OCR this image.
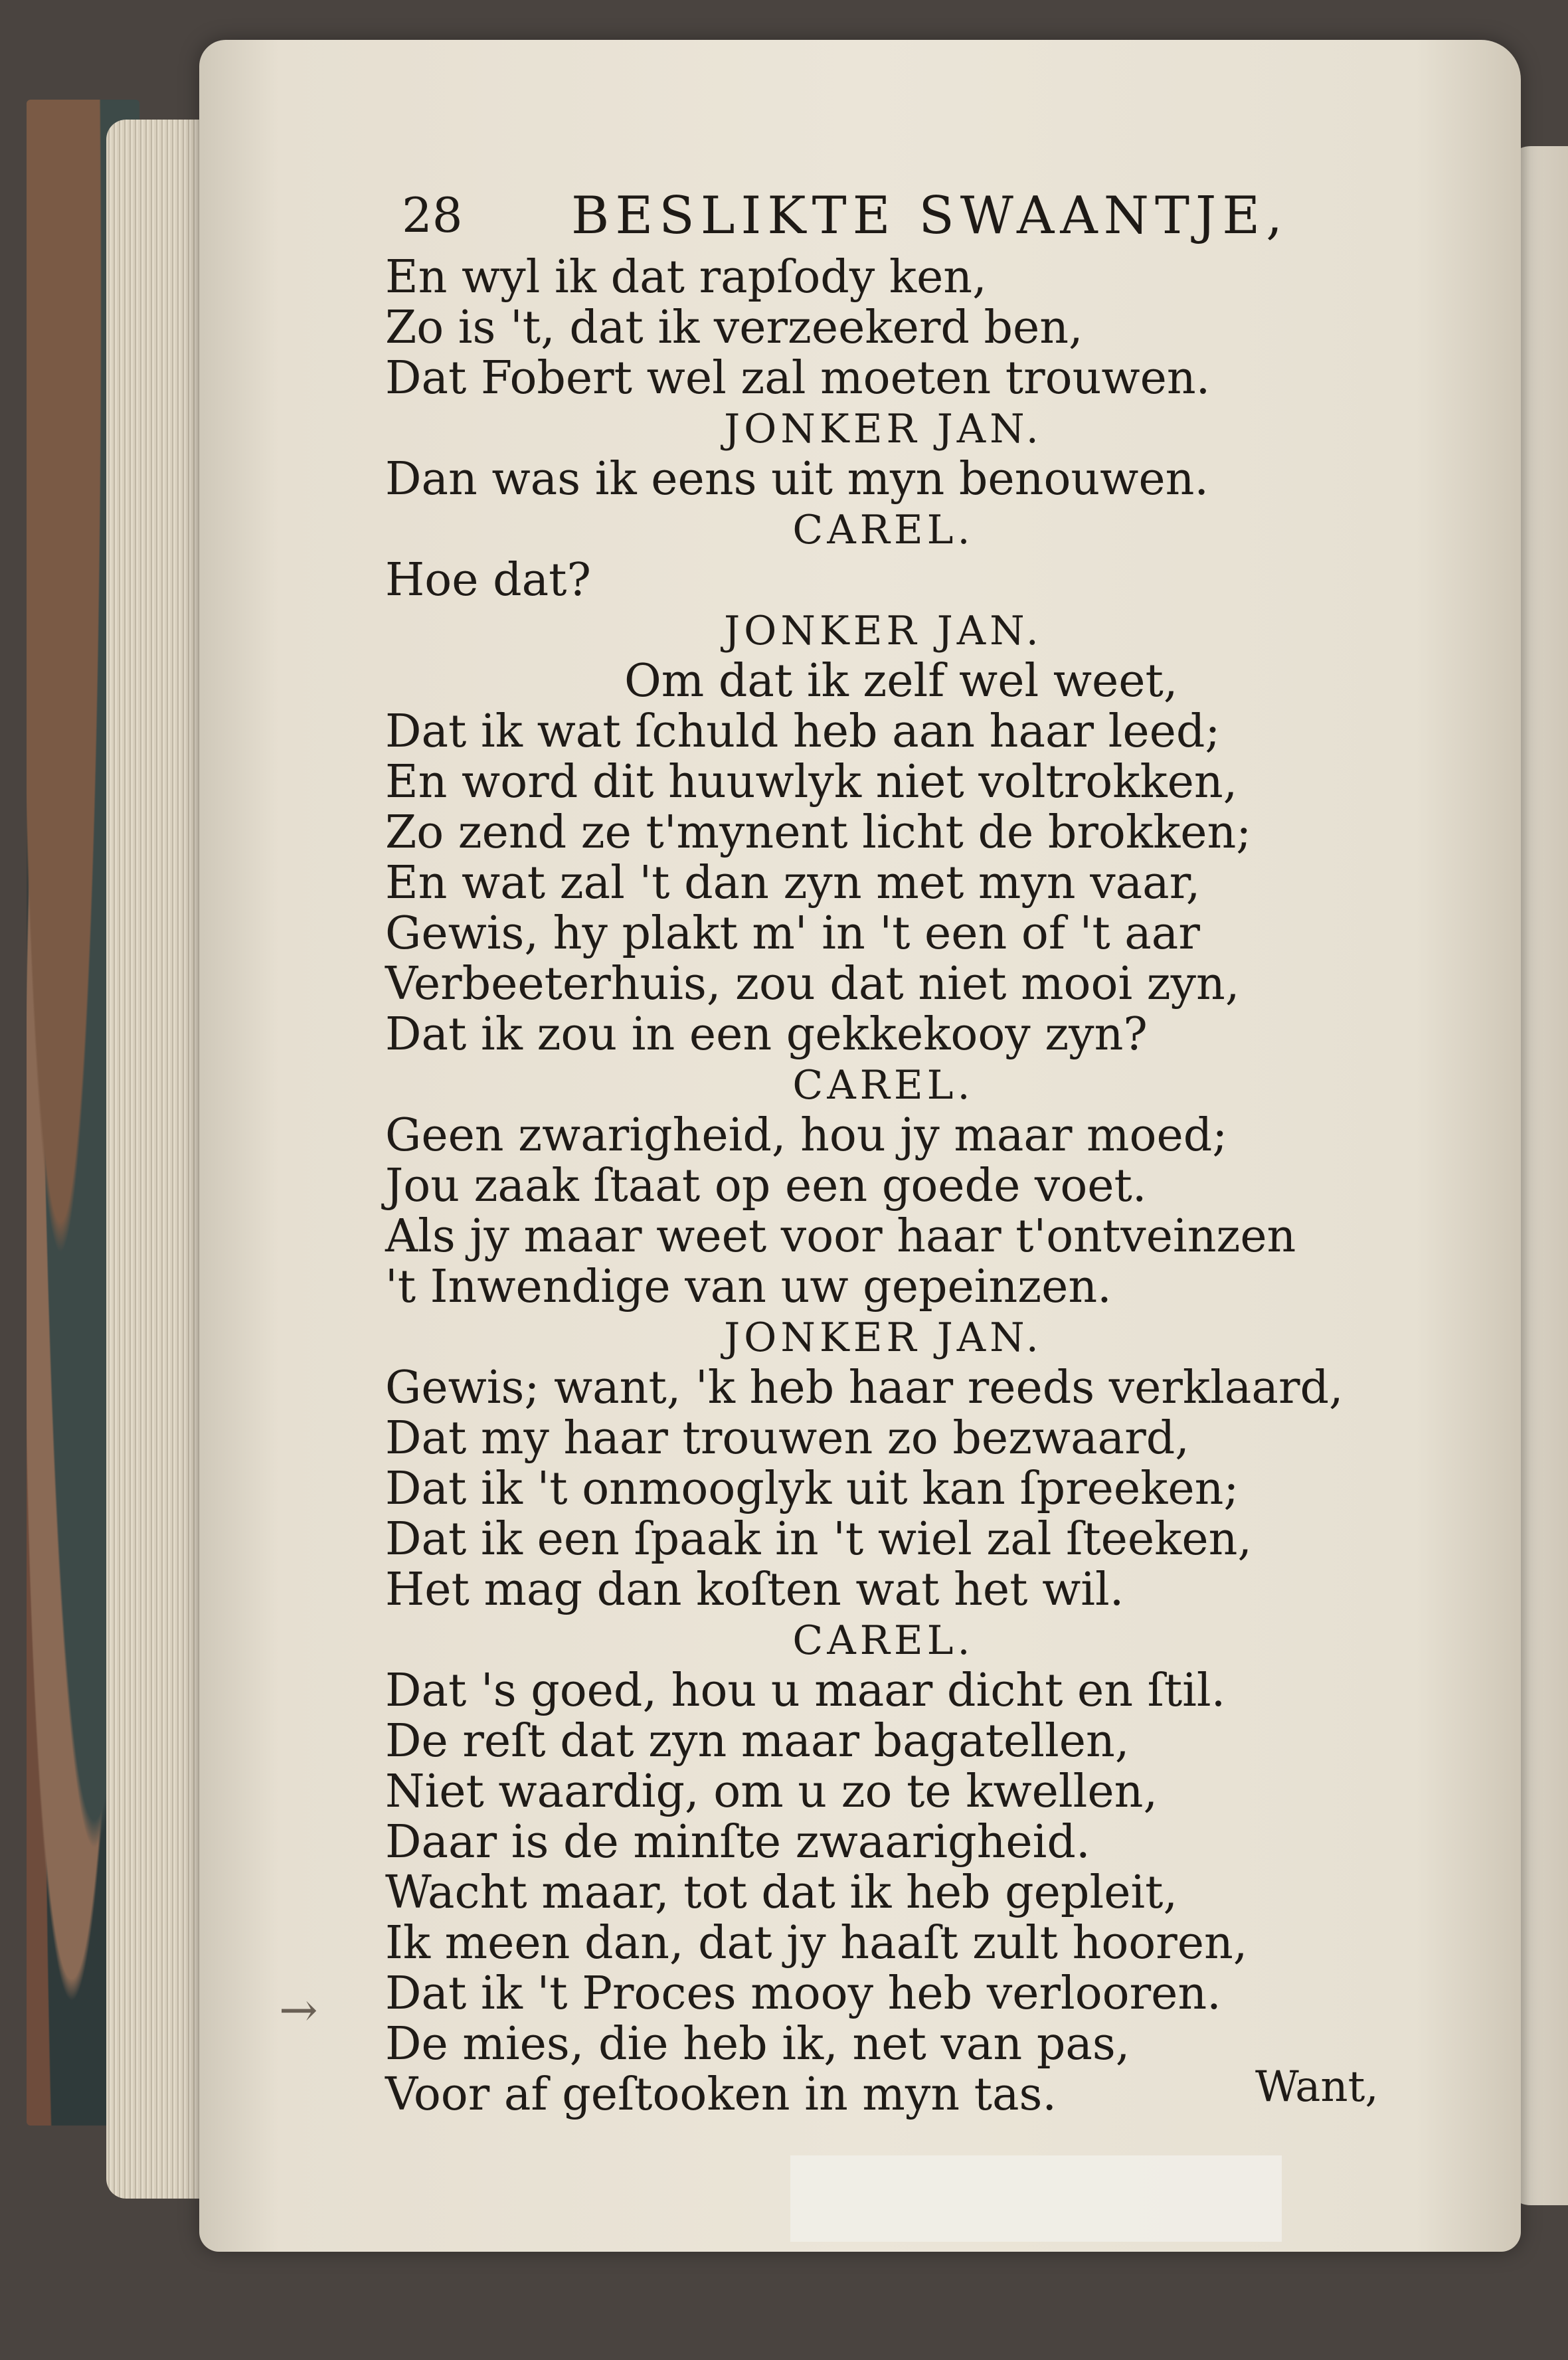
28 BESLIKTE SWAANTJE,
En wyl ik dat rapſody ken,
Zo is 't, dat ik verzeekerd ben,
Dat Fobert wel zal moeten trouwen.
JONKER JAN.
Dan was ik eens uit myn benouwen.
CAREL.
Hoe dat?
JONKER JAN.
Om dat ik zelf wel weet,
Dat ik wat ſchuld heb aan haar leed;
En word dit huuwlyk niet voltrokken,
Zo zend ze t'mynent licht de brokken;
En wat zal 't dan zyn met myn vaar,
Gewis, hy plakt m' in 't een of 't aar
Verbeeterhuis, zou dat niet mooi zyn,
Dat ik zou in een gekkekooy zyn?
CAREL.
Geen zwarigheid, hou jy maar moed;
Jou zaak ſtaat op een goede voet.
Als jy maar weet voor haar t'ontveinzen
't Inwendige van uw gepeinzen.
JONKER JAN.
Gewis; want, 'k heb haar reeds verklaard,
Dat my haar trouwen zo bezwaard,
Dat ik 't onmooglyk uit kan ſpreeken;
Dat ik een ſpaak in 't wiel zal ſteeken,
Het mag dan koſten wat het wil.
CAREL.
Dat 's goed, hou u maar dicht en ſtil.
De reſt dat zyn maar bagatellen,
Niet waardig, om u zo te kwellen,
Daar is de minſte zwaarigheid.
Wacht maar, tot dat ik heb gepleit,
Ik meen dan, dat jy haaſt zult hooren,
Dat ik 't Proces mooy heb verlooren.
De mies, die heb ik, net van pas,
Voor af geſtooken in myn tas.
→
Want,
